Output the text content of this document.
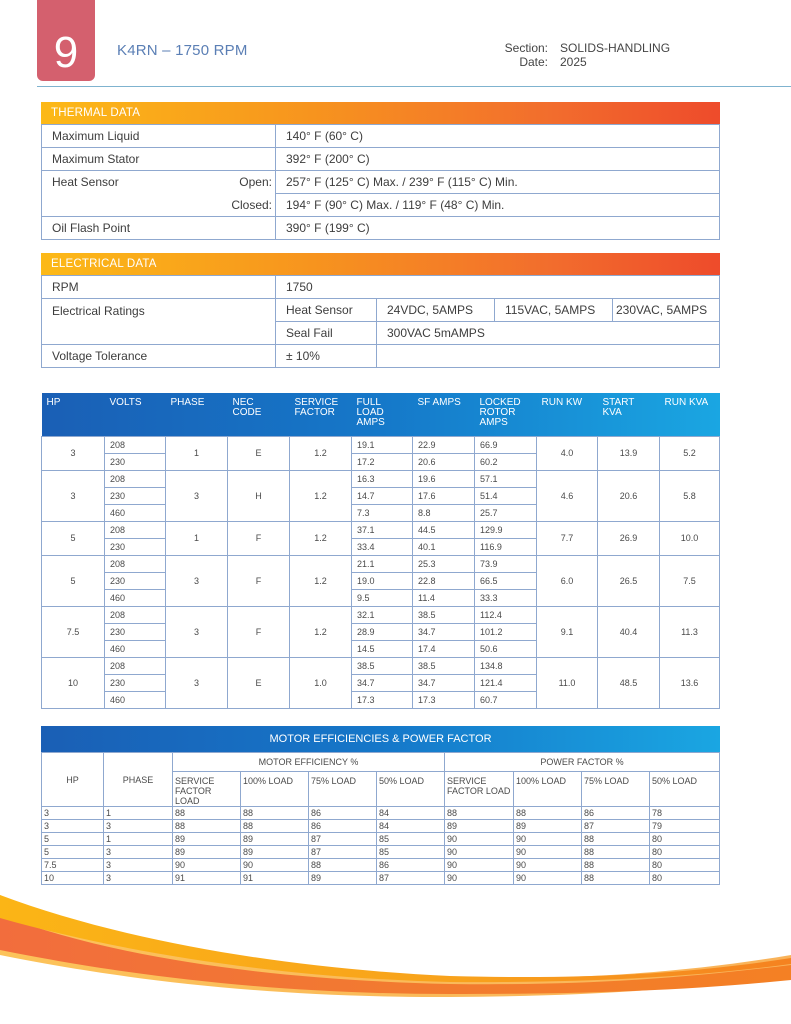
9	K4RN – 1750 RPM	Section:	SOLIDS-HANDLING
Date:	2025
THERMAL DATA
Maximum Liquid		140° F (60° C)
Maximum Stator		392° F (200° C)
Heat Sensor	Open:	257° F (125° C) Max. / 239° F (115° C) Min.
	Closed:	194° F (90° C) Max. / 119° F (48° C) Min.
Oil Flash Point		390° F (199° C)
ELECTRICAL DATA
RPM	1750			
Electrical Ratings	Heat Sensor	24VDC, 5AMPS	115VAC, 5AMPS	230VAC, 5AMPS
	Seal Fail	300VAC 5mAMPS		
Voltage Tolerance	± 10%			
HP	VOLTS	PHASE	NEC CODE	SERVICE FACTOR	FULL LOAD AMPS	SF AMPS	LOCKED ROTOR AMPS	RUN KW	START KVA	RUN KVA
3	208	1	E	1.2	19.1	22.9	66.9	4.0	13.9	5.2
	230				17.2	20.6	60.2			
3	208	3	H	1.2	16.3	19.6	57.1	4.6	20.6	5.8
	230				14.7	17.6	51.4			
	460				7.3	8.8	25.7			
5	208	1	F	1.2	37.1	44.5	129.9	7.7	26.9	10.0
	230				33.4	40.1	116.9			
5	208	3	F	1.2	21.1	25.3	73.9	6.0	26.5	7.5
	230				19.0	22.8	66.5			
	460				9.5	11.4	33.3			
7.5	208	3	F	1.2	32.1	38.5	112.4	9.1	40.4	11.3
	230				28.9	34.7	101.2			
	460				14.5	17.4	50.6			
10	208	3	E	1.0	38.5	38.5	134.8	11.0	48.5	13.6
	230				34.7	34.7	121.4			
	460				17.3	17.3	60.7			
MOTOR EFFICIENCIES & POWER FACTOR
HP	PHASE	MOTOR EFFICIENCY %				POWER FACTOR %			
		SERVICE FACTOR LOAD	100% LOAD	75% LOAD	50% LOAD	SERVICE FACTOR LOAD	100% LOAD	75% LOAD	50% LOAD
3	1	88	88	86	84	88	88	86	78
3	3	88	88	86	84	89	89	87	79
5	1	89	89	87	85	90	90	88	80
5	3	89	89	87	85	90	90	88	80
7.5	3	90	90	88	86	90	90	88	80
10	3	91	91	89	87	90	90	88	80
